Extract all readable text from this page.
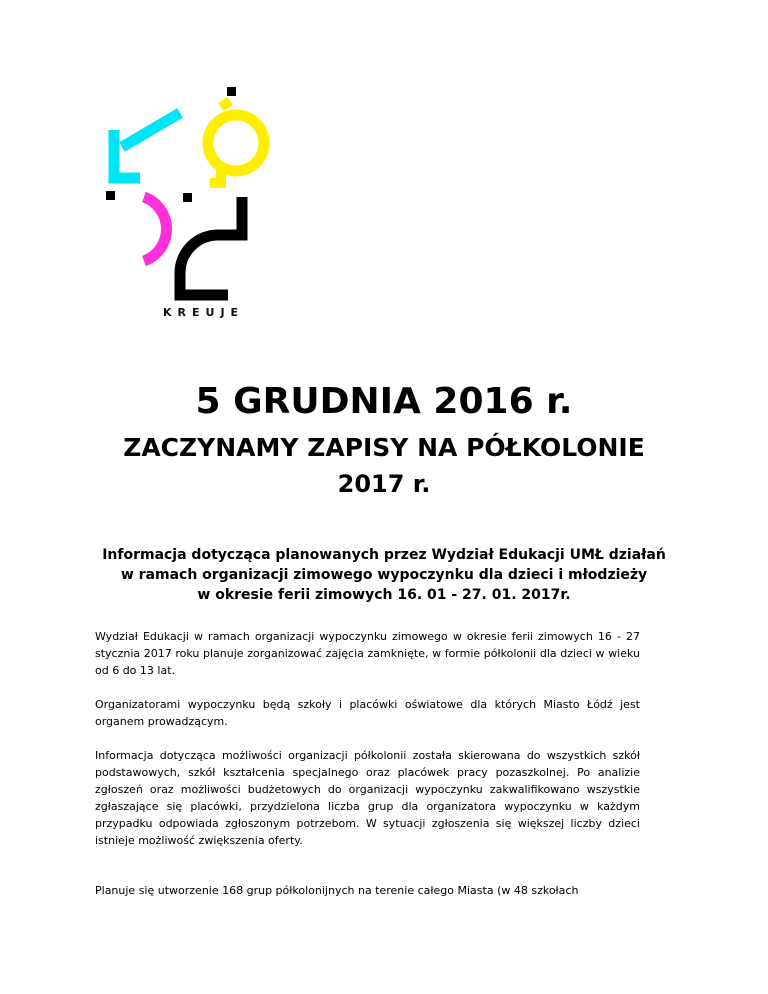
KREUJE
5 GRUDNIA 2016 r.
ZACZYNAMY ZAPISY NA PÓŁKOLONIE
2017 r.
Informacja dotycząca planowanych przez Wydział Edukacji UMŁ działań
w ramach organizacji zimowego wypoczynku dla dzieci i młodzieży
w okresie ferii zimowych 16. 01 - 27. 01. 2017r.

Wydział Edukacji w ramach organizacji wypoczynku zimowego w okresie ferii zimowych 16 - 27 stycznia 2017 roku planuje zorganizować zajęcia zamknięte, w formie półkolonii dla dzieci w wieku od 6 do 13 lat.

Organizatorami wypoczynku będą szkoły i placówki oświatowe dla których Miasto Łódź jest organem prowadzącym.

Informacja dotycząca możliwości organizacji półkolonii została skierowana do wszystkich szkół podstawowych, szkół kształcenia specjalnego oraz placówek pracy pozaszkolnej. Po analizie zgłoszeń oraz możliwości budżetowych do organizacji wypoczynku zakwalifikowano wszystkie zgłaszające się placówki, przydzielona liczba grup dla organizatora wypoczynku w każdym przypadku odpowiada zgłoszonym potrzebom. W sytuacji zgłoszenia się większej liczby dzieci istnieje możliwość zwiększenia oferty.

Planuje się utworzenie 168 grup półkolonijnych na terenie całego Miasta (w 48 szkołach
